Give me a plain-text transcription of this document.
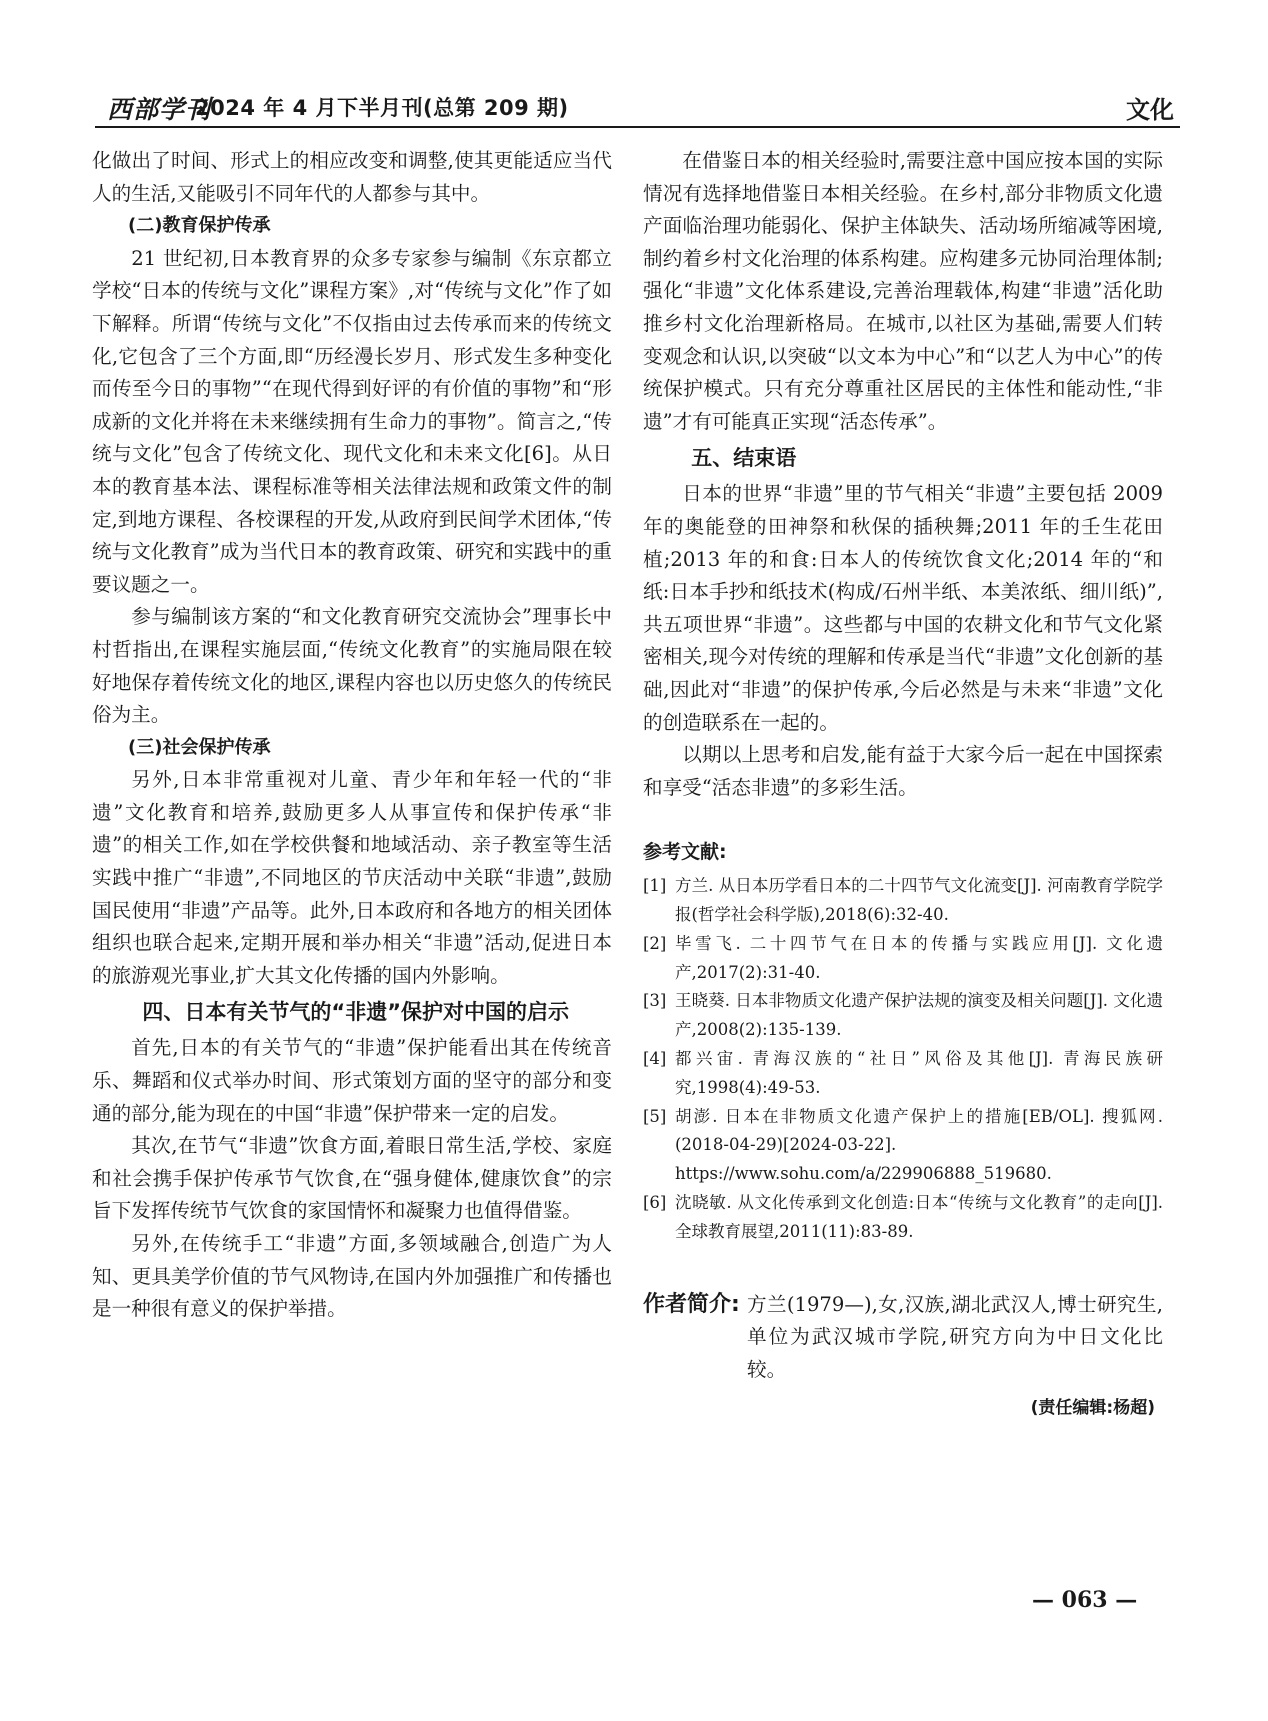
西部学刊
2024 年 4 月下半月刊(总第 209 期)	文化

化做出了时间、形式上的相应改变和调整,使其更能适应当代人的生活,又能吸引不同年代的人都参与其中。

(二)教育保护传承

21 世纪初,日本教育界的众多专家参与编制《东京都立学校“日本的传统与文化”课程方案》,对“传统与文化”作了如下解释。所谓“传统与文化”不仅指由过去传承而来的传统文化,它包含了三个方面,即“历经漫长岁月、形式发生多种变化而传至今日的事物”“在现代得到好评的有价值的事物”和“形成新的文化并将在未来继续拥有生命力的事物”。简言之,“传统与文化”包含了传统文化、现代文化和未来文化[6]。从日本的教育基本法、课程标准等相关法律法规和政策文件的制定,到地方课程、各校课程的开发,从政府到民间学术团体,“传统与文化教育”成为当代日本的教育政策、研究和实践中的重要议题之一。

参与编制该方案的“和文化教育研究交流协会”理事长中村哲指出,在课程实施层面,“传统文化教育”的实施局限在较好地保存着传统文化的地区,课程内容也以历史悠久的传统民俗为主。

(三)社会保护传承

另外,日本非常重视对儿童、青少年和年轻一代的“非遗”文化教育和培养,鼓励更多人从事宣传和保护传承“非遗”的相关工作,如在学校供餐和地域活动、亲子教室等生活实践中推广“非遗”,不同地区的节庆活动中关联“非遗”,鼓励国民使用“非遗”产品等。此外,日本政府和各地方的相关团体组织也联合起来,定期开展和举办相关“非遗”活动,促进日本的旅游观光事业,扩大其文化传播的国内外影响。

四、日本有关节气的“非遗”保护对中国的启示

首先,日本的有关节气的“非遗”保护能看出其在传统音乐、舞蹈和仪式举办时间、形式策划方面的坚守的部分和变通的部分,能为现在的中国“非遗”保护带来一定的启发。

其次,在节气“非遗”饮食方面,着眼日常生活,学校、家庭和社会携手保护传承节气饮食,在“强身健体,健康饮食”的宗旨下发挥传统节气饮食的家国情怀和凝聚力也值得借鉴。

另外,在传统手工“非遗”方面,多领域融合,创造广为人知、更具美学价值的节气风物诗,在国内外加强推广和传播也是一种很有意义的保护举措。

在借鉴日本的相关经验时,需要注意中国应按本国的实际情况有选择地借鉴日本相关经验。在乡村,部分非物质文化遗产面临治理功能弱化、保护主体缺失、活动场所缩减等困境,制约着乡村文化治理的体系构建。应构建多元协同治理体制;强化“非遗”文化体系建设,完善治理载体,构建“非遗”活化助推乡村文化治理新格局。在城市,以社区为基础,需要人们转变观念和认识,以突破“以文本为中心”和“以艺人为中心”的传统保护模式。只有充分尊重社区居民的主体性和能动性,“非遗”才有可能真正实现“活态传承”。

五、结束语

日本的世界“非遗”里的节气相关“非遗”主要包括 2009 年的奥能登的田神祭和秋保的插秧舞;2011 年的壬生花田植;2013 年的和食:日本人的传统饮食文化;2014 年的“和纸:日本手抄和纸技术(构成/石州半纸、本美浓纸、细川纸)”,共五项世界“非遗”。这些都与中国的农耕文化和节气文化紧密相关,现今对传统的理解和传承是当代“非遗”文化创新的基础,因此对“非遗”的保护传承,今后必然是与未来“非遗”文化的创造联系在一起的。

以期以上思考和启发,能有益于大家今后一起在中国探索和享受“活态非遗”的多彩生活。

参考文献:
[1] 方兰. 从日本历学看日本的二十四节气文化流变[J]. 河南教育学院学报(哲学社会科学版),2018(6):32-40.
[2] 毕雪飞. 二十四节气在日本的传播与实践应用[J]. 文化遗产,2017(2):31-40.
[3] 王晓葵. 日本非物质文化遗产保护法规的演变及相关问题[J]. 文化遗产,2008(2):135-139.
[4] 都兴宙. 青海汉族的“社日”风俗及其他[J]. 青海民族研究,1998(4):49-53.
[5] 胡澎. 日本在非物质文化遗产保护上的措施[EB/OL]. 搜狐网. (2018-04-29)[2024-03-22]. https://www.sohu.com/a/229906888_519680.
[6] 沈晓敏. 从文化传承到文化创造:日本“传统与文化教育”的走向[J]. 全球教育展望,2011(11):83-89.
作者简介: 方兰(1979—),女,汉族,湖北武汉人,博士研究生,单位为武汉城市学院,研究方向为中日文化比较。
(责任编辑:杨超)
— 063 —
